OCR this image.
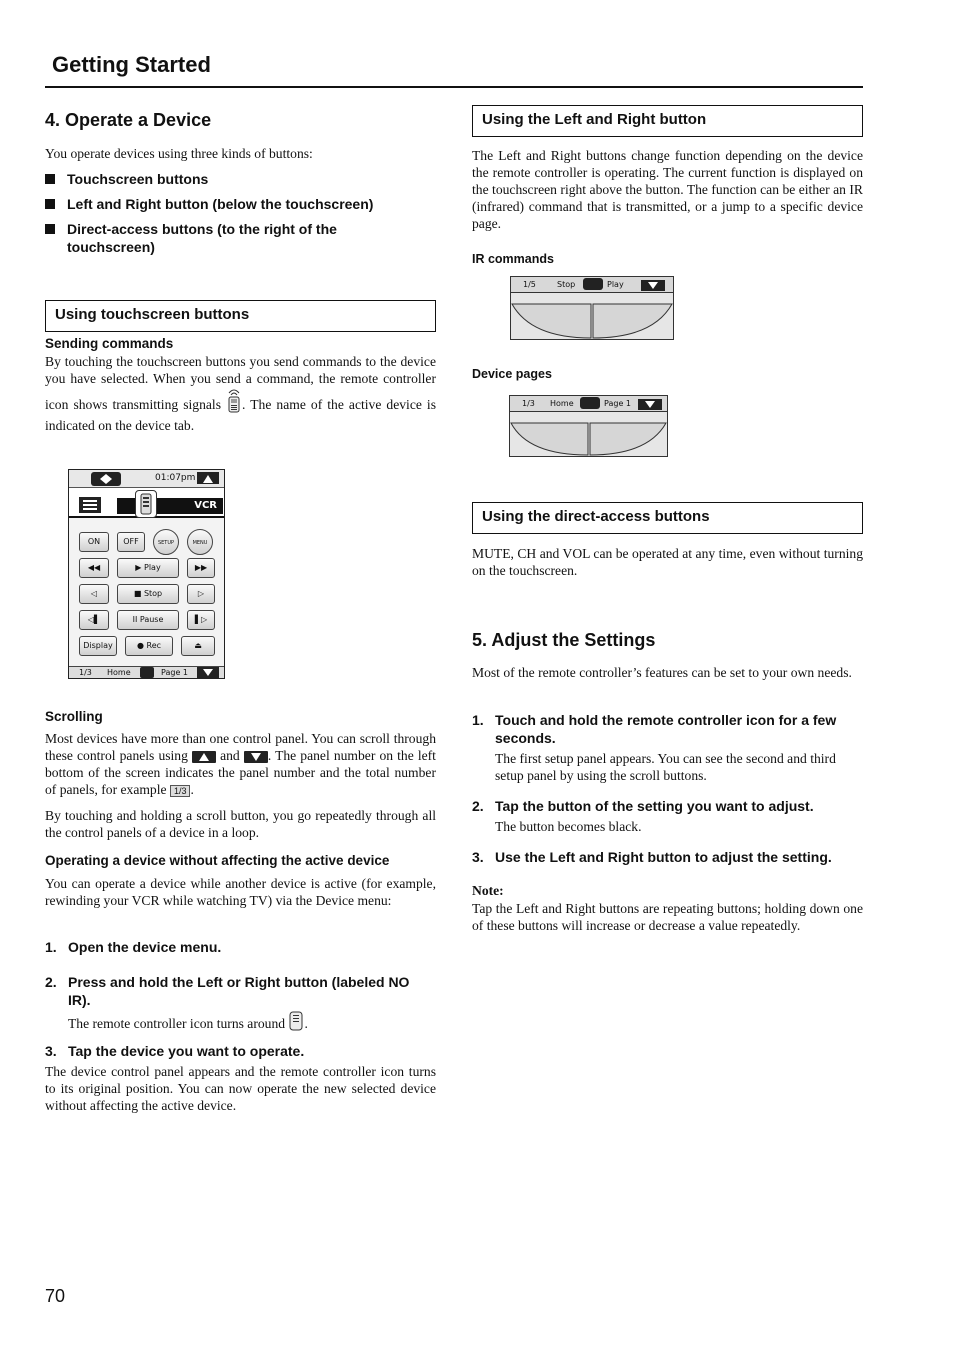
Getting Started
4. Operate a Device

You operate devices using three kinds of buttons:

Touchscreen buttons
Left and Right button (below the touchscreen)
Direct-access buttons (to the right of the touchscreen)
Using touchscreen buttons
Sending commands

By touching the touchscreen buttons you send commands to the device you have selected. When you send a command, the remote controller icon shows transmitting signals . The name of the active device is indicated on the device tab.

01:07pm
VCR
ON	OFF	SETUP	MENU
◀◀	▶ Play	▶▶
◁	■ Stop	▷
◁▌	II Pause	▌▷
Display	● Rec	⏏
1/3 Home	Page 1
Scrolling

Most devices have more than one control panel. You can scroll through these control panels using and . The panel number on the left bottom of the screen indicates the panel number and the total number of panels, for example 1/3 .

By touching and holding a scroll button, you go repeatedly through all the control panels of a device in a loop.

Operating a device without affecting the active device

You can operate a device while another device is active (for example, rewinding your VCR while watching TV) via the Device menu:

1. Open the device menu.
2. Press and hold the Left or Right button (labeled NO IR).

The remote controller icon turns around .

3. Tap the device you want to operate.

The device control panel appears and the remote controller icon turns to its original position. You can now operate the new selected device without affecting the active device.

Using the Left and Right button

The Left and Right buttons change function depending on the device the remote controller is operating. The current function is displayed on the touchscreen right above the button. The function can be either an IR (infrared) command that is transmitted, or a jump to a specific device page.

IR commands
1/5	Stop	Play
Device pages
1/3 Home	Page 1
Using the direct-access buttons

MUTE, CH and VOL can be operated at any time, even without turning on the touchscreen.

5. Adjust the Settings

Most of the remote controller’s features can be set to your own needs.

1. Touch and hold the remote controller icon for a few seconds.

The first setup panel appears. You can see the second and third setup panel by using the scroll buttons.

2. Tap the button of the setting you want to adjust.

The button becomes black.

3. Use the Left and Right button to adjust the setting.
Note:

Tap the Left and Right buttons are repeating buttons; holding down one of these buttons will increase or decrease a value repeatedly.

70
